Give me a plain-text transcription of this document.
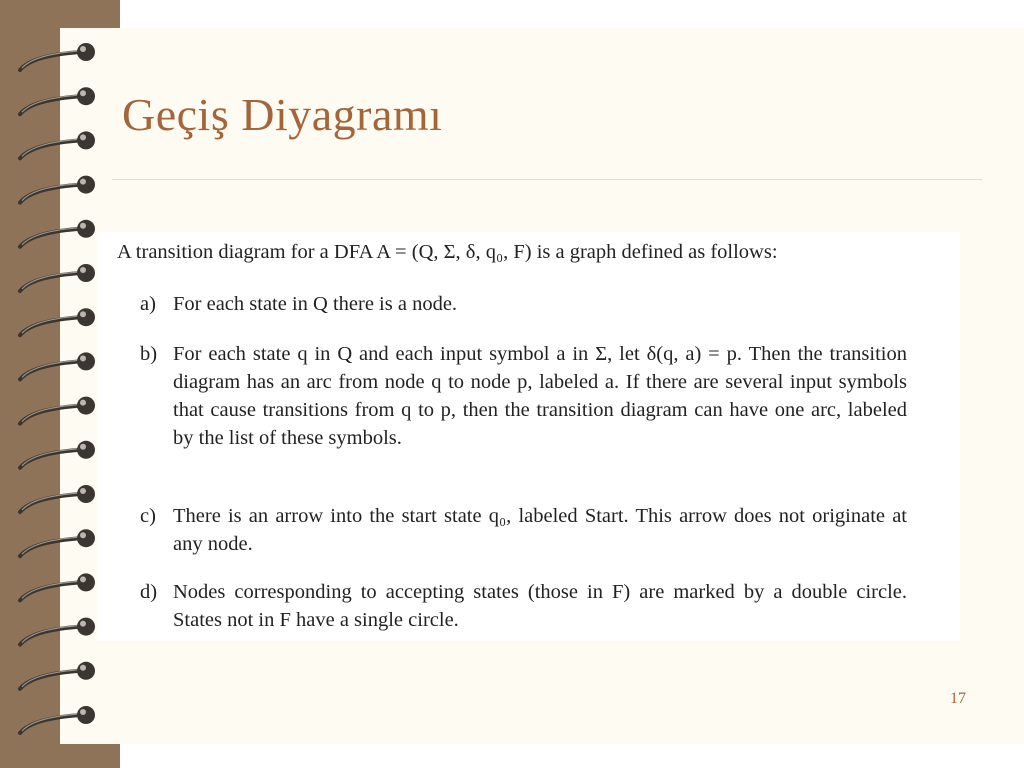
Geçiş Diyagramı
A transition diagram for a DFA A = (Q, Σ, δ, q₀, F) is a graph defined as follows:
a) For each state in Q there is a node.
b) For each state q in Q and each input symbol a in Σ, let δ(q, a) = p. Then the transition diagram has an arc from node q to node p, labeled a. If there are several input symbols that cause transitions from q to p, then the transition diagram can have one arc, labeled by the list of these symbols.
c) There is an arrow into the start state q₀, labeled Start. This arrow does not originate at any node.
d) Nodes corresponding to accepting states (those in F) are marked by a double circle. States not in F have a single circle.
17
